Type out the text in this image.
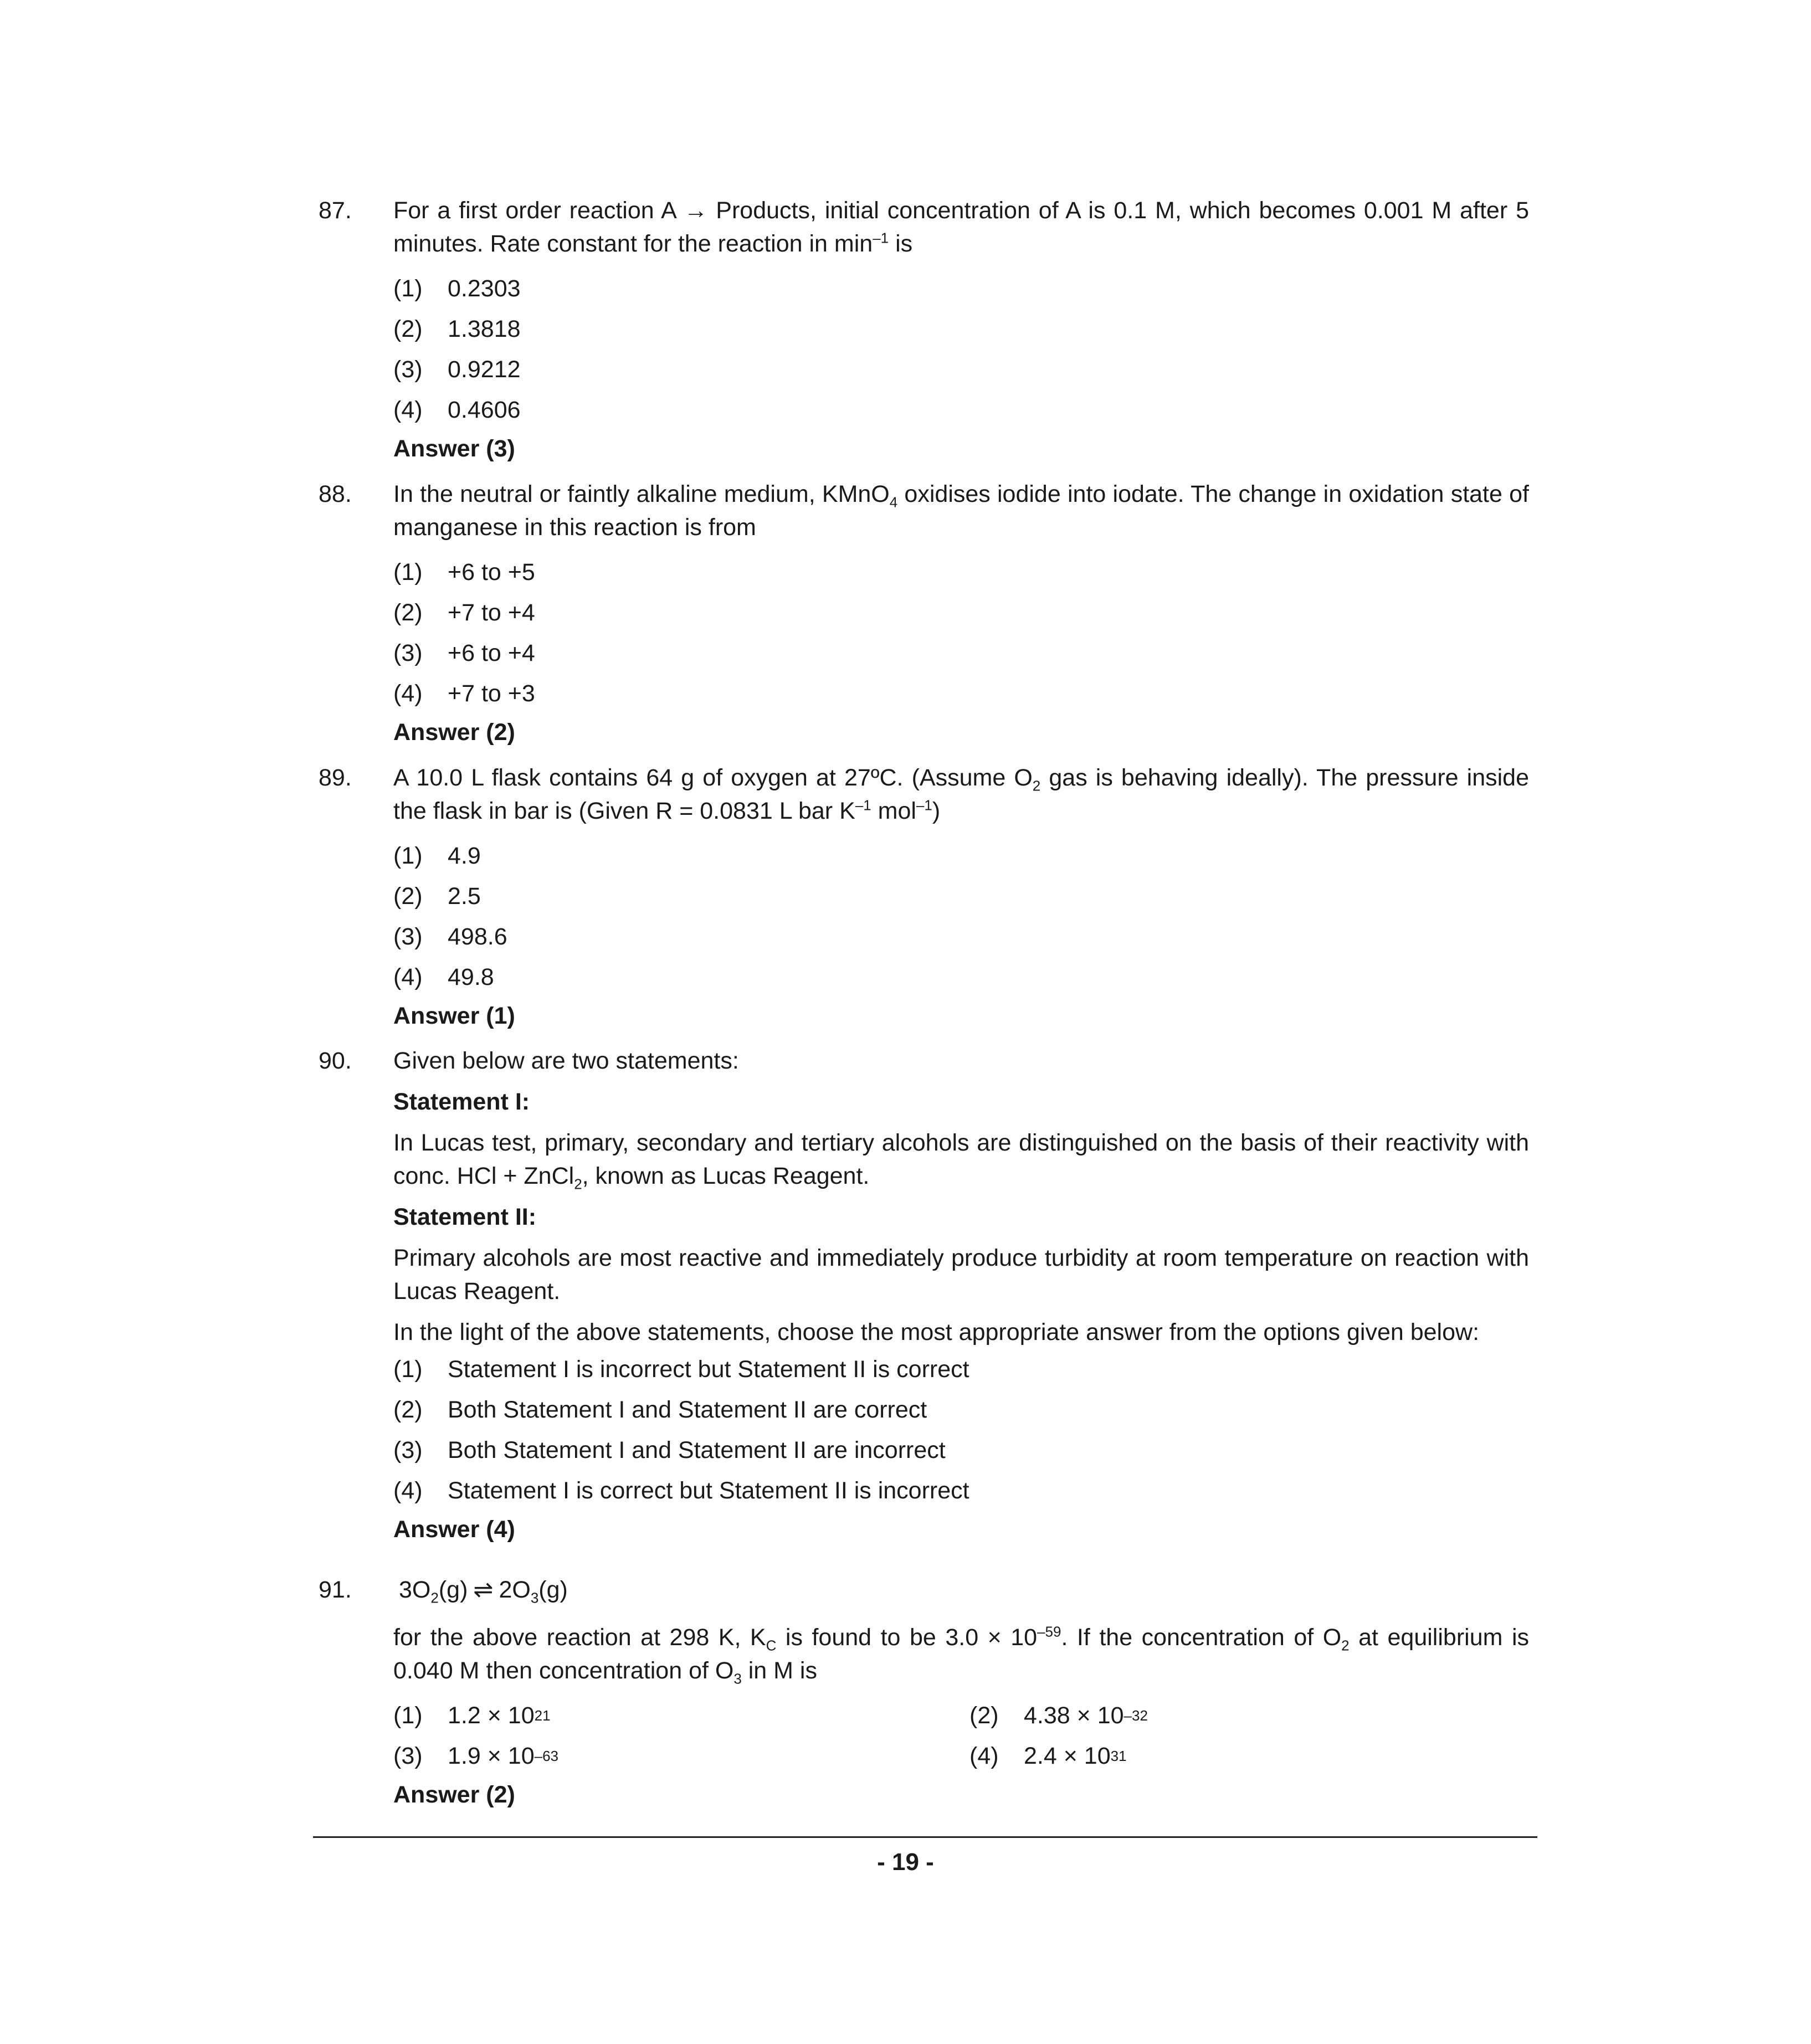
87.	For a first order reaction A → Products, initial concentration of A is 0.1 M, which becomes 0.001 M after 5 minutes. Rate constant for the reaction in $\min^{-1}$ is

(1)	0.2303
(2)	1.3818
(3)	0.9212
(4)	0.4606
Answer (3)
88.	In the neutral or faintly alkaline medium, KMnO$_4$ oxidises iodide into iodate. The change in oxidation state of manganese in this reaction is from

(1)	+6 to +5
(2)	+7 to +4
(3)	+6 to +4
(4)	+7 to +3
Answer (2)
89.	A 10.0 L flask contains 64 g of oxygen at 27ºC. (Assume $O_2$ gas is behaving ideally). The pressure inside the flask in bar is (Given R = 0.0831 L bar $K^{-1}$ mol$^{-1}$)

(1)	4.9
(2)	2.5
(3)	498.6
(4)	49.8
Answer (1)
90.	Given below are two statements:

Statement I:

In Lucas test, primary, secondary and tertiary alcohols are distinguished on the basis of their reactivity with conc. HCl + ZnCl$_2$, known as Lucas Reagent.

Statement II:

Primary alcohols are most reactive and immediately produce turbidity at room temperature on reaction with Lucas Reagent.

In the light of the above statements, choose the most appropriate answer from the options given below:

(1)	Statement I is incorrect but Statement II is correct
(2)	Both Statement I and Statement II are correct
(3)	Both Statement I and Statement II are incorrect
(4)	Statement I is correct but Statement II is incorrect
Answer (4)
91.	$3O_2(g)$ ⇌ $2O_3(g)$

for the above reaction at 298 K, $K_C$ is found to be $3.0 \times 10^{-59}$. If the concentration of $O_2$ at equilibrium is 0.040 M then concentration of $O_3$ in M is

(1)	1.2 × 10 21	(2)	4.38 × 10 –32
(3)	1.9 × 10 –63	(4)	2.4 × 10 31
Answer (2)
- 19 -
